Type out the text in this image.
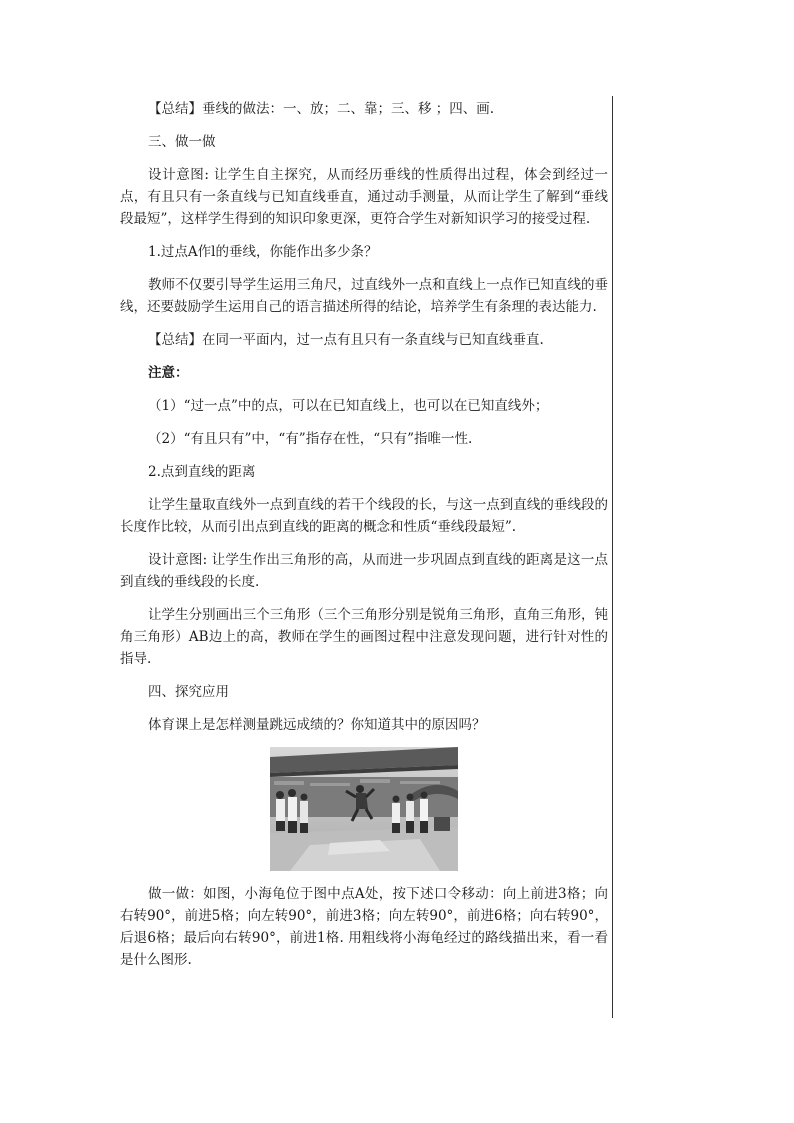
【总结】垂线的做法：一、放；二、靠；三、移 ；四、画.

三、做一做

设计意图: 让学生自主探究，从而经历垂线的性质得出过程，体会到经过一点，有且只有一条直线与已知直线垂直，通过动手测量，从而让学生了解到“垂线段最短”，这样学生得到的知识印象更深，更符合学生对新知识学习的接受过程.

1.过点A作l的垂线，你能作出多少条？

教师不仅要引导学生运用三角尺，过直线外一点和直线上一点作已知直线的垂线，还要鼓励学生运用自己的语言描述所得的结论，培养学生有条理的表达能力.

【总结】在同一平面内，过一点有且只有一条直线与已知直线垂直.

注意：

（1）“过一点”中的点，可以在已知直线上，也可以在已知直线外；

（2）“有且只有”中，“有”指存在性，“只有”指唯一性.

2.点到直线的距离

让学生量取直线外一点到直线的若干个线段的长，与这一点到直线的垂线段的长度作比较，从而引出点到直线的距离的概念和性质“垂线段最短”.

设计意图: 让学生作出三角形的高，从而进一步巩固点到直线的距离是这一点到直线的垂线段的长度.

让学生分别画出三个三角形（三个三角形分别是锐角三角形，直角三角形，钝角三角形）AB边上的高，教师在学生的画图过程中注意发现问题，进行针对性的指导.

四、探究应用

体育课上是怎样测量跳远成绩的？你知道其中的原因吗？

做一做：如图，小海龟位于图中点A处，按下述口令移动：向上前进3格；向右转90°，前进5格；向左转90°，前进3格；向左转90°，前进6格；向右转90°，后退6格；最后向右转90°，前进1格. 用粗线将小海龟经过的路线描出来，看一看是什么图形.
